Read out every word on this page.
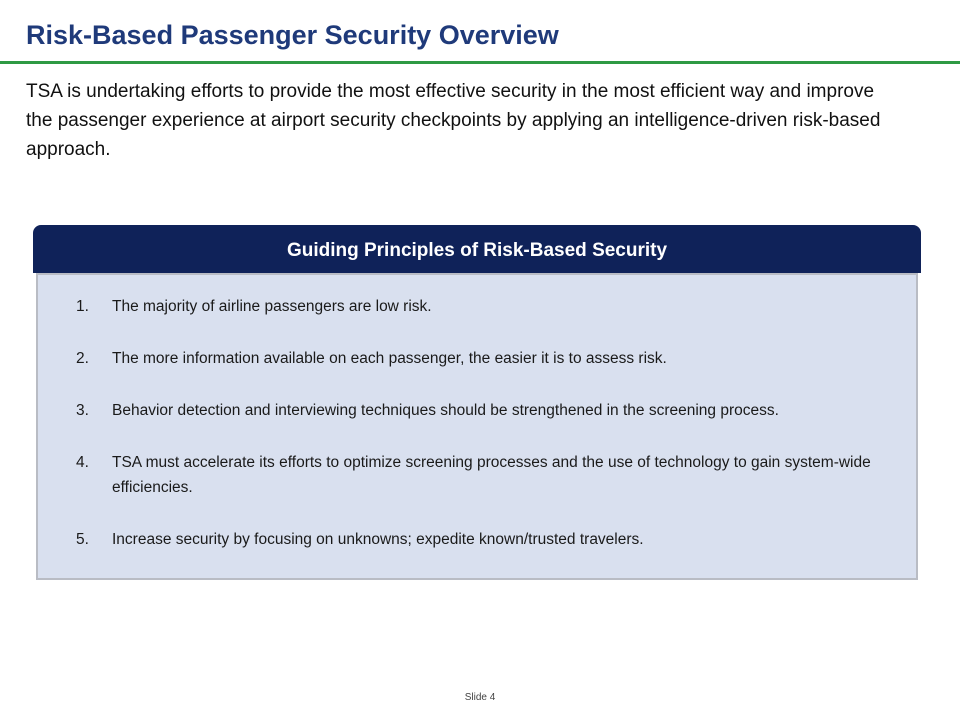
Risk-Based Passenger Security Overview

TSA is undertaking efforts to provide the most effective security in the most efficient way and improve the passenger experience at airport security checkpoints by applying an intelligence-driven risk-based approach.

Guiding Principles of Risk-Based Security
1. The majority of airline passengers are low risk.
2. The more information available on each passenger, the easier it is to assess risk.
3. Behavior detection and interviewing techniques should be strengthened in the screening process.
4. TSA must accelerate its efforts to optimize screening processes and the use of technology to gain system-wide efficiencies.
5. Increase security by focusing on unknowns; expedite known/trusted travelers.
Slide 4
